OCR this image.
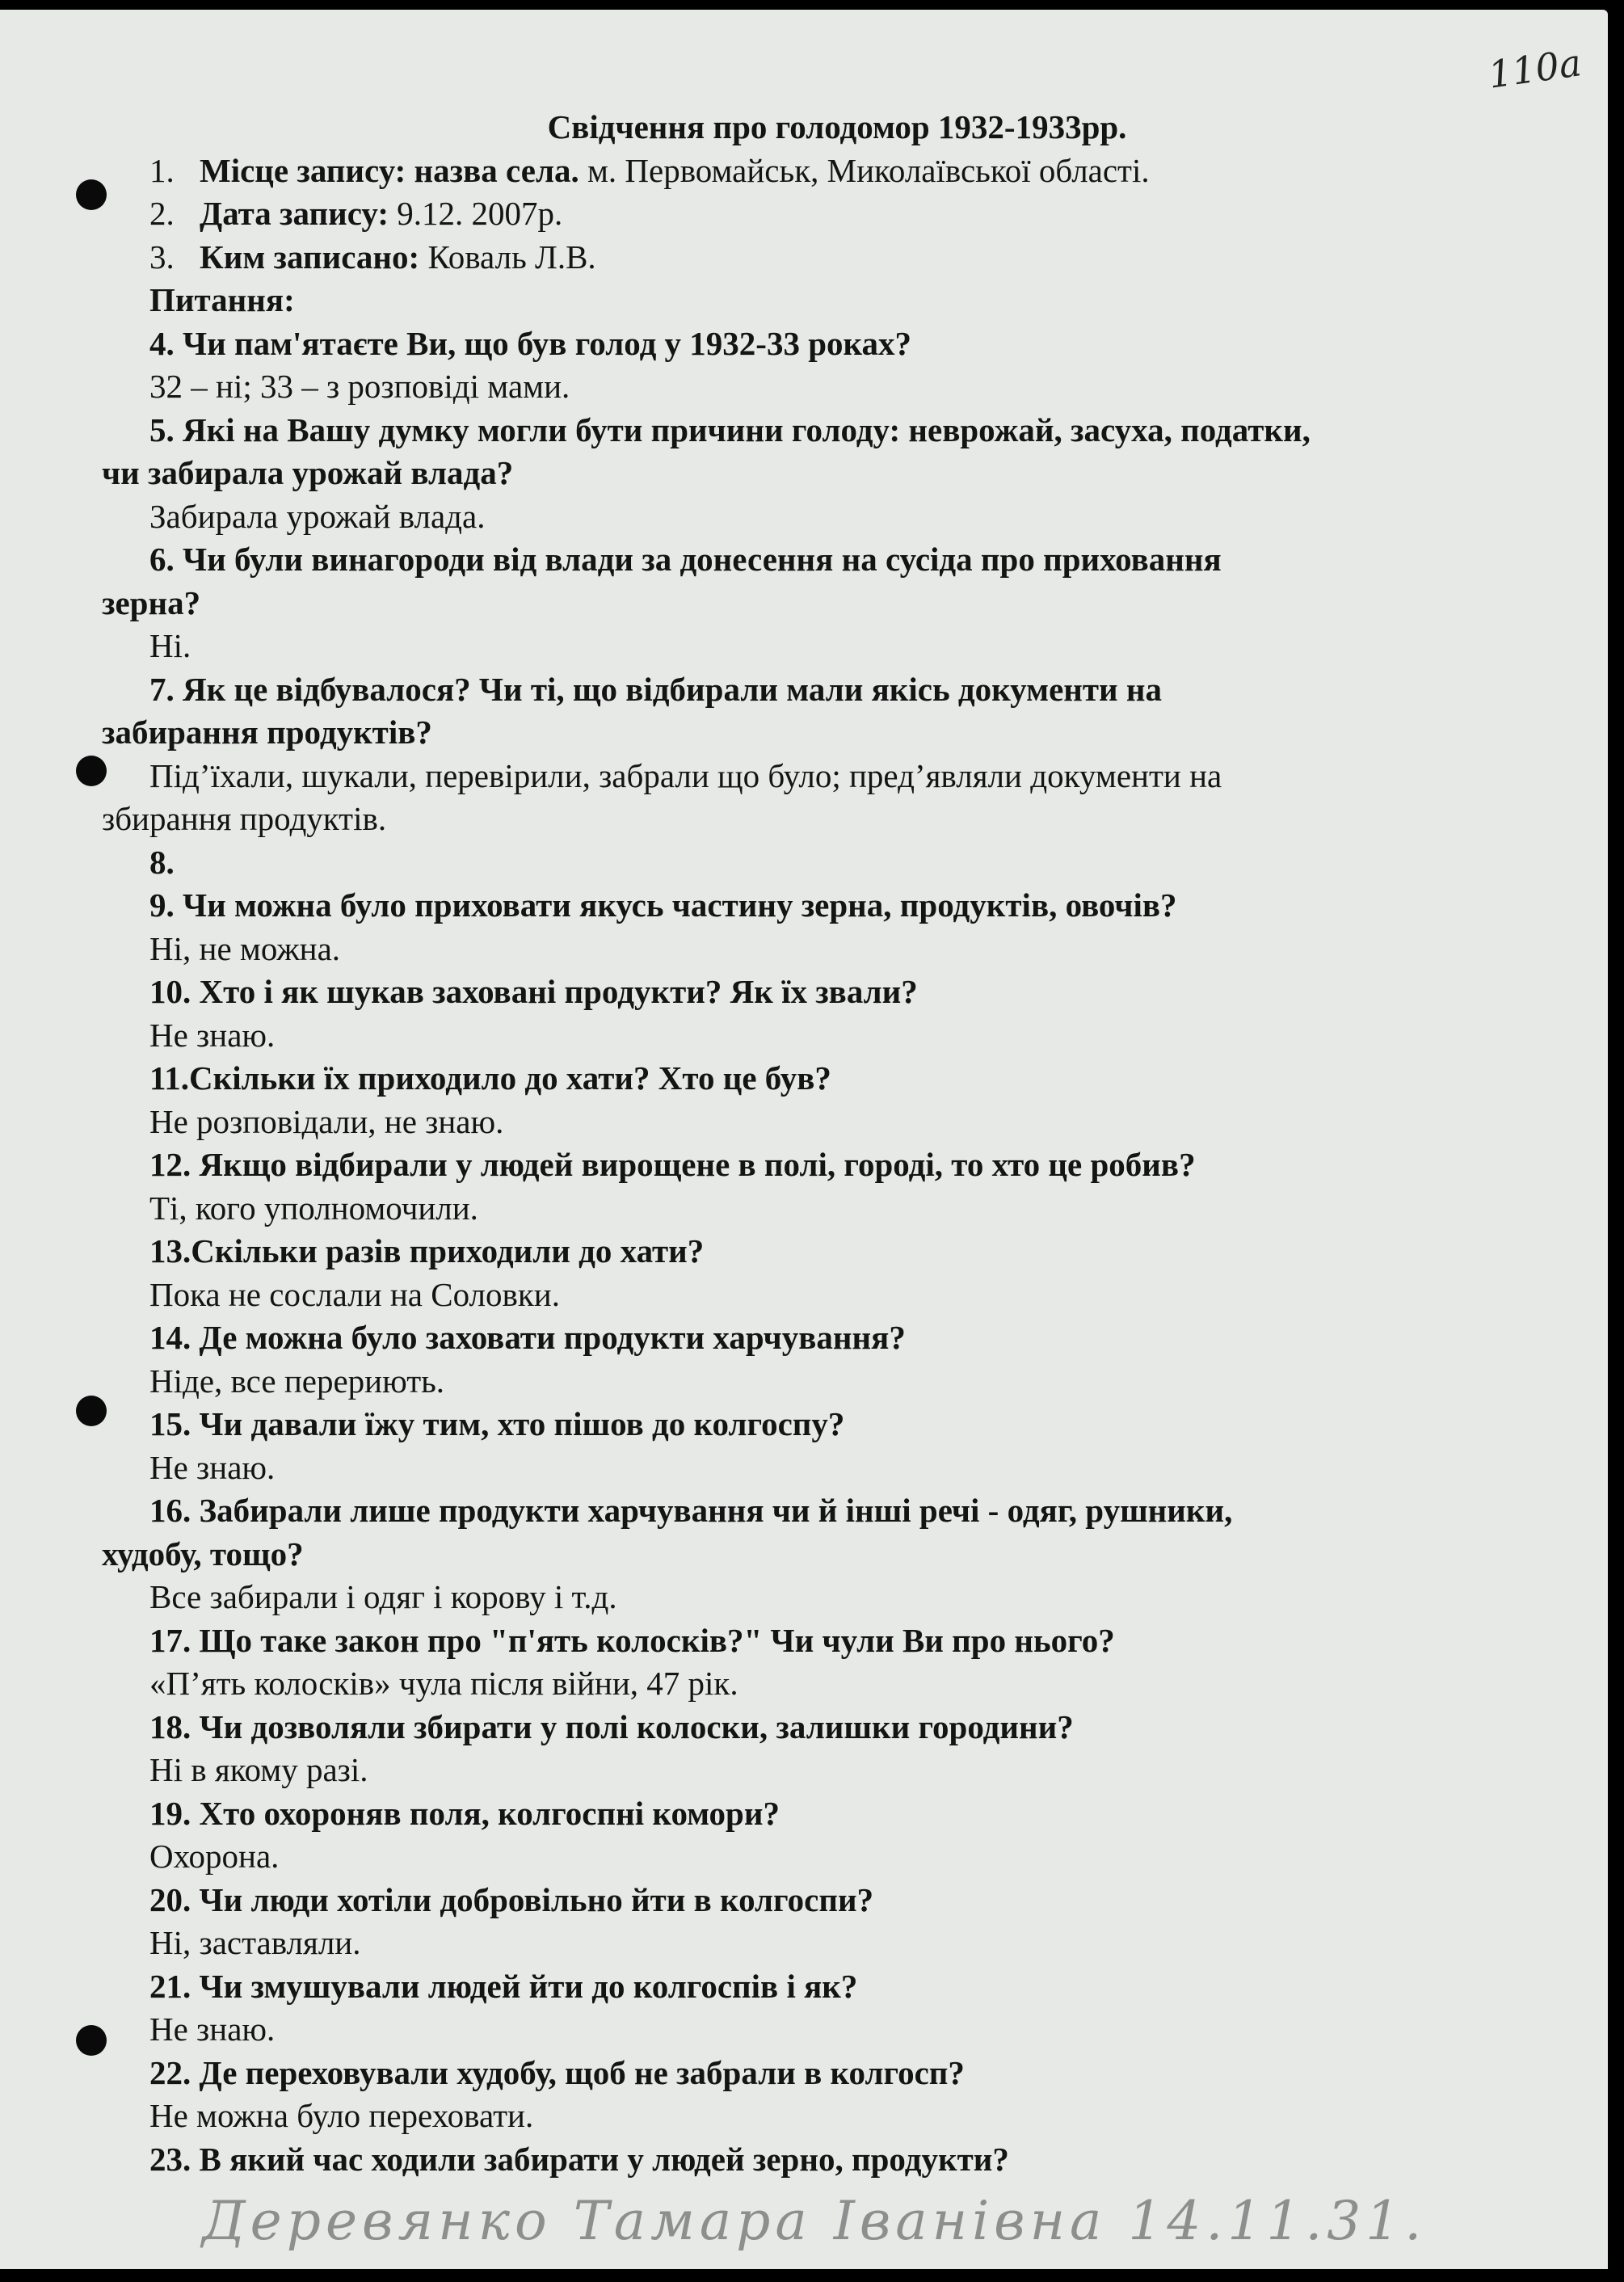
110а
Свідчення про голодомор 1932-1933рр.
1. Місце запису: назва села. м. Первомайськ, Миколаївської області.
2. Дата запису: 9.12. 2007р.
3. Ким записано: Коваль Л.В.
Питання:
4. Чи пам'ятаєте Ви, що був голод у 1932-33 роках?
32 – ні; 33 – з розповіді мами.
5. Які на Вашу думку могли бути причини голоду: неврожай, засуха, податки,
чи забирала урожай влада?
Забирала урожай влада.
6. Чи були винагороди від влади за донесення на сусіда про приховання
зерна?
Ні.
7. Як це відбувалося? Чи ті, що відбирали мали якісь документи на
забирання продуктів?
Під’їхали, шукали, перевірили, забрали що було; пред’являли документи на
збирання продуктів.
8.
9. Чи можна було приховати якусь частину зерна, продуктів, овочів?
Ні, не можна.
10. Хто і як шукав заховані продукти? Як їх звали?
Не знаю.
11.Скільки їх приходило до хати? Хто це був?
Не розповідали, не знаю.
12. Якщо відбирали у людей вирощене в полі, городі, то хто це робив?
Ті, кого уполномочили.
13.Скільки разів приходили до хати?
Пока не сослали на Соловки.
14. Де можна було заховати продукти харчування?
Ніде, все перериють.
15. Чи давали їжу тим, хто пішов до колгоспу?
Не знаю.
16. Забирали лише продукти харчування чи й інші речі - одяг, рушники,
худобу, тощо?
Все забирали і одяг і корову і т.д.
17. Що таке закон про "п'ять колосків?" Чи чули Ви про нього?
«П’ять колосків» чула після війни, 47 рік.
18. Чи дозволяли збирати у полі колоски, залишки городини?
Ні в якому разі.
19. Хто охороняв поля, колгоспні комори?
Охорона.
20. Чи люди хотіли добровільно йти в колгоспи?
Ні, заставляли.
21. Чи змушували людей йти до колгоспів і як?
Не знаю.
22. Де переховували худобу, щоб не забрали в колгосп?
Не можна було переховати.
23. В який час ходили забирати у людей зерно, продукти?
Деревянко Тамара Іванівна 14.11.31.
